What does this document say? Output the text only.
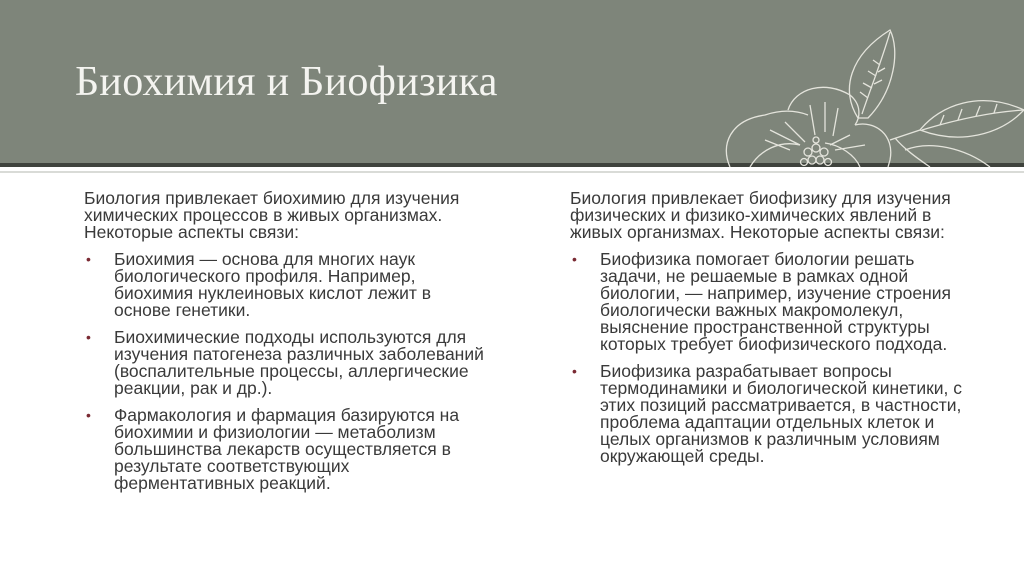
Биохимия и Биофизика

Биология привлекает биохимию для изучения химических процессов в живых организмах. Некоторые аспекты связи:

• Биохимия — основа для многих наук биологического профиля. Например, биохимия нуклеиновых кислот лежит в основе генетики.
• Биохимические подходы используются для изучения патогенеза различных заболеваний (воспалительные процессы, аллергические реакции, рак и др.).
• Фармакология и фармация базируются на биохимии и физиологии — метаболизм большинства лекарств осуществляется в результате соответствующих ферментативных реакций.

Биология привлекает биофизику для изучения физических и физико-химических явлений в живых организмах. Некоторые аспекты связи:

• Биофизика помогает биологии решать задачи, не решаемые в рамках одной биологии, — например, изучение строения биологически важных макромолекул, выяснение пространственной структуры которых требует биофизического подхода.
• Биофизика разрабатывает вопросы термодинамики и биологической кинетики, с этих позиций рассматривается, в частности, проблема адаптации отдельных клеток и целых организмов к различным условиям окружающей среды.
